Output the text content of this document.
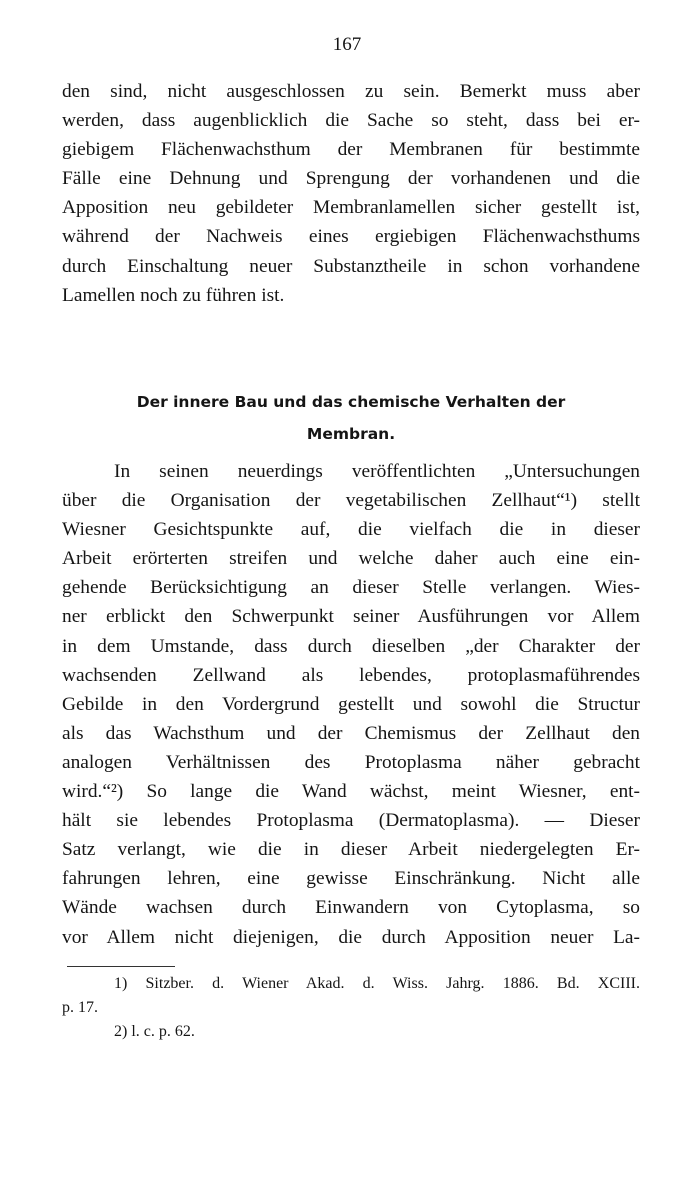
167
den sind, nicht ausgeschlossen zu sein. Bemerkt muss aber
werden, dass augenblicklich die Sache so steht, dass bei er-
giebigem Flächenwachsthum der Membranen für bestimmte
Fälle eine Dehnung und Sprengung der vorhandenen und die
Apposition neu gebildeter Membranlamellen sicher gestellt ist,
während der Nachweis eines ergiebigen Flächenwachsthums
durch Einschaltung neuer Substanztheile in schon vorhandene
Lamellen noch zu führen ist.
Der innere Bau und das chemische Verhalten der
Membran.
In seinen neuerdings veröffentlichten „Untersuchungen
über die Organisation der vegetabilischen Zellhaut“¹) stellt
Wiesner Gesichtspunkte auf, die vielfach die in dieser
Arbeit erörterten streifen und welche daher auch eine ein-
gehende Berücksichtigung an dieser Stelle verlangen. Wies-
ner erblickt den Schwerpunkt seiner Ausführungen vor Allem
in dem Umstande, dass durch dieselben „der Charakter der
wachsenden Zellwand als lebendes, protoplasmaführendes
Gebilde in den Vordergrund gestellt und sowohl die Structur
als das Wachsthum und der Chemismus der Zellhaut den
analogen Verhältnissen des Protoplasma näher gebracht
wird.“²) So lange die Wand wächst, meint Wiesner, ent-
hält sie lebendes Protoplasma (Dermatoplasma). — Dieser
Satz verlangt, wie die in dieser Arbeit niedergelegten Er-
fahrungen lehren, eine gewisse Einschränkung. Nicht alle
Wände wachsen durch Einwandern von Cytoplasma, so
vor Allem nicht diejenigen, die durch Apposition neuer La-
1) Sitzber. d. Wiener Akad. d. Wiss. Jahrg. 1886. Bd. XCIII.
p. 17.
2) l. c. p. 62.
